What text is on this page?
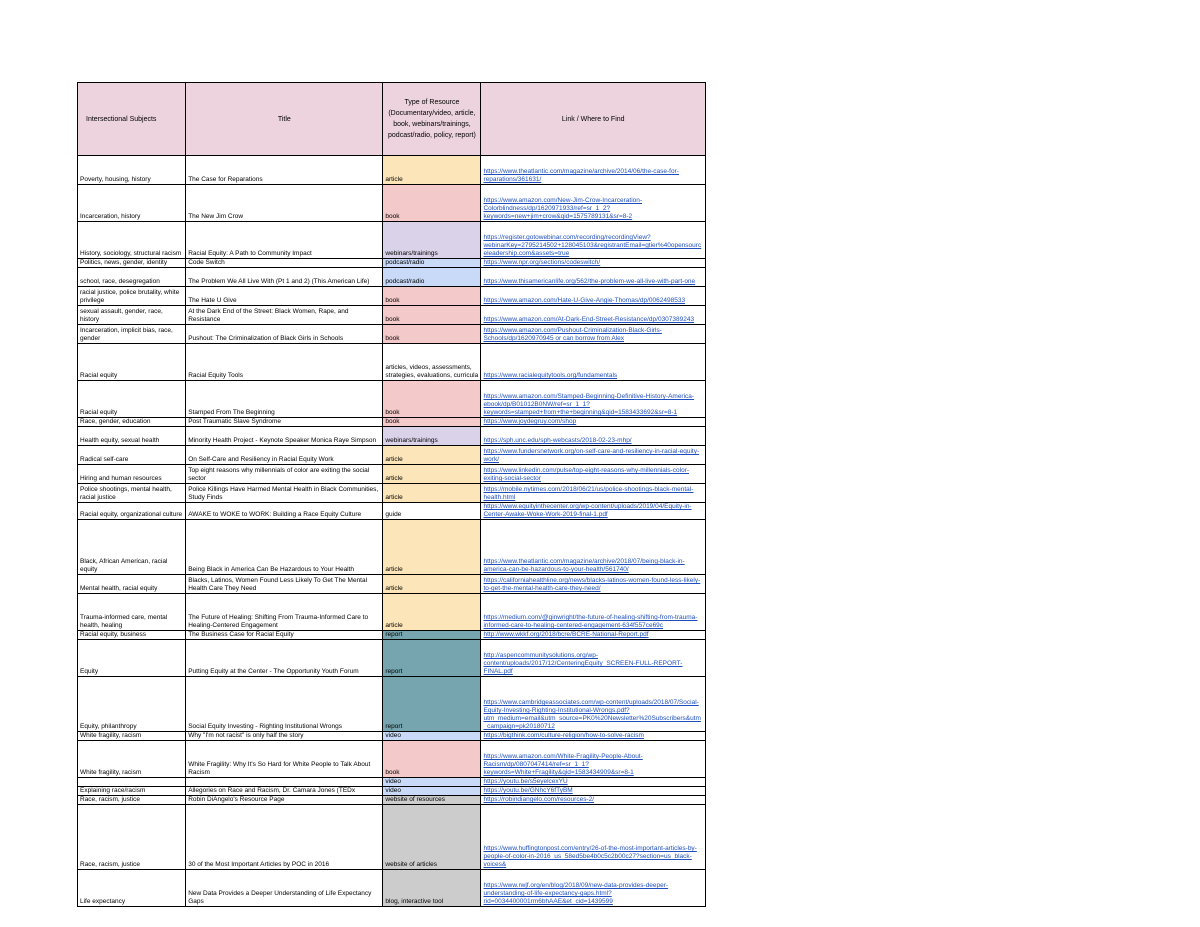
Intersectional Subjects	Title	Type of Resource (Documentary/video, article, book, webinars/trainings, podcast/radio, policy, report)	Link / Where to Find
Poverty, housing, history	The Case for Reparations	article	https://www.theatlantic.com/magazine/archive/2014/06/the-case-for-reparations/361631/
Incarceration, history	The New Jim Crow	book	https://www.amazon.com/New-Jim-Crow-Incarceration-Colorblindness/dp/1620971933/ref=sr_1_2?keywords=new+jim+crow&qid=1575789131&sr=8-2
History, sociology, structural racism	Racial Equity: A Path to Community Impact	webinars/trainings	https://register.gotowebinar.com/recording/recordingView?webinarKey=2795214502+128045103&registrantEmail=gtier%40opensourceleadership.com&assets=true
Politics, news, gender, identity	Code Switch	podcast/radio	https://www.npr.org/sections/codeswitch/
school, race, desegregation	The Problem We All Live With (Pt 1 and 2) (This American Life)	podcast/radio	https://www.thisamericanlife.org/562/the-problem-we-all-live-with-part-one
racial justice, police brutality, white privilege	The Hate U Give	book	https://www.amazon.com/Hate-U-Give-Angie-Thomas/dp/0062498533
sexual assault, gender, race, history	At the Dark End of the Street: Black Women, Rape, and Resistance	book	https://www.amazon.com/At-Dark-End-Street-Resistance/dp/0307389243
Incarceration, implicit bias, race, gender	Pushout: The Criminalization of Black Girls in Schools	book	https://www.amazon.com/Pushout-Criminalization-Black-Girls-Schools/dp/1620970945 or can borrow from Alex
Racial equity	Racial Equity Tools	articles, videos, assessments, strategies, evaluations, curricula	https://www.racialequitytools.org/fundamentals
Racial equity	Stamped From The Beginning	book	https://www.amazon.com/Stamped-Beginning-Definitive-History-America-ebook/dp/B01012B0NW/ref=sr_1_1?keywords=stamped+from+the+beginning&qid=1583433692&sr=8-1
Race, gender, education	Post Traumatic Slave Syndrome	book	https://www.joydegruy.com/shop
Health equity, sexual health	Minority Health Project - Keynote Speaker Monica Raye Simpson	webinars/trainings	https://sph.unc.edu/sph-webcasts/2018-02-23-mhp/
Radical self-care	On Self-Care and Resiliency in Racial Equity Work	article	https://www.fundersnetwork.org/on-self-care-and-resiliency-in-racial-equity-work/
Hiring and human resources	Top eight reasons why millennials of color are exiting the social sector	article	https://www.linkedin.com/pulse/top-eight-reasons-why-millennials-color-exiting-social-sector
Police shootings, mental health, racial justice	Police Killings Have Harmed Mental Health in Black Communities, Study Finds	article	https://mobile.nytimes.com/2018/06/21/us/police-shootings-black-mental-health.html
Racial equity, organizational culture	AWAKE to WOKE to WORK: Building a Race Equity Culture	guide	https://www.equityinthecenter.org/wp-content/uploads/2019/04/Equity-in-Center-Awake-Woke-Work-2019-final-1.pdf
Black, African American, racial equity	Being Black in America Can Be Hazardous to Your Health	article	https://www.theatlantic.com/magazine/archive/2018/07/being-black-in-america-can-be-hazardous-to-your-health/561740/
Mental health, racial equity	Blacks, Latinos, Women Found Less Likely To Get The Mental Health Care They Need	article	https://californiahealthline.org/news/blacks-latinos-women-found-less-likely-to-get-the-mental-health-care-they-need/
Trauma-informed care, mental health, healing	The Future of Healing: Shifting From Trauma-Informed Care to Healing-Centered Engagement	article	https://medium.com/@ginwright/the-future-of-healing-shifting-from-trauma-informed-care-to-healing-centered-engagement-634f557ce69c
Racial equity, business	The Business Case for Racial Equity	report	http://www.wkkf.org/2018/bcre/BCRE-National-Report.pdf
Equity	Putting Equity at the Center - The Opportunity Youth Forum	report	http://aspencommunitysolutions.org/wp-content/uploads/2017/12/CenteringEquity_SCREEN-FULL-REPORT-FINAL.pdf
Equity, philanthropy	Social Equity Investing - Righting Institutional Wrongs	report	https://www.cambridgeassociates.com/wp-content/uploads/2018/07/Social-Equity-Investing-Righting-Institutional-Wrongs.pdf?utm_medium=email&utm_source=PK0%20Newsletter%20Subscribers&utm_campaign=pk20180712
White fragility, racism	Why "I'm not racist" is only half the story	video	https://bigthink.com/culture-religion/how-to-solve-racism
White fragility, racism	White Fragility: Why It's So Hard for White People to Talk About Racism	book	https://www.amazon.com/White-Fragility-People-About-Racism/dp/0807047414/ref=sr_1_1?keywords=White+Fragility&qid=1583434909&sr=8-1
		video	https://youtu.be/s5eyelcexYU
Explaining race/racism	Allegories on Race and Racism, Dr. Camara Jones (TEDx	video	https://youtu.be/GNhcY6fTyBM
Race, racism, justice	Robin DiAngelo's Resource Page	website of resources	https://robindiangelo.com/resources-2/
Race, racism, justice	30 of the Most Important Articles by POC in 2016	website of articles	https://www.huffingtonpost.com/entry/26-of-the-most-important-articles-by-people-of-color-in-2016_us_58ed5be4b0c5c2b00c27?section=us_black-voices&
Life expectancy	New Data Provides a Deeper Understanding of Life Expectancy Gaps	blog, interactive tool	https://www.rwjf.org/en/blog/2018/09/new-data-provides-deeper-understanding-of-life-expectancy-gaps.html?rid=0034400001rm6bhAAE&et_cid=1439599
